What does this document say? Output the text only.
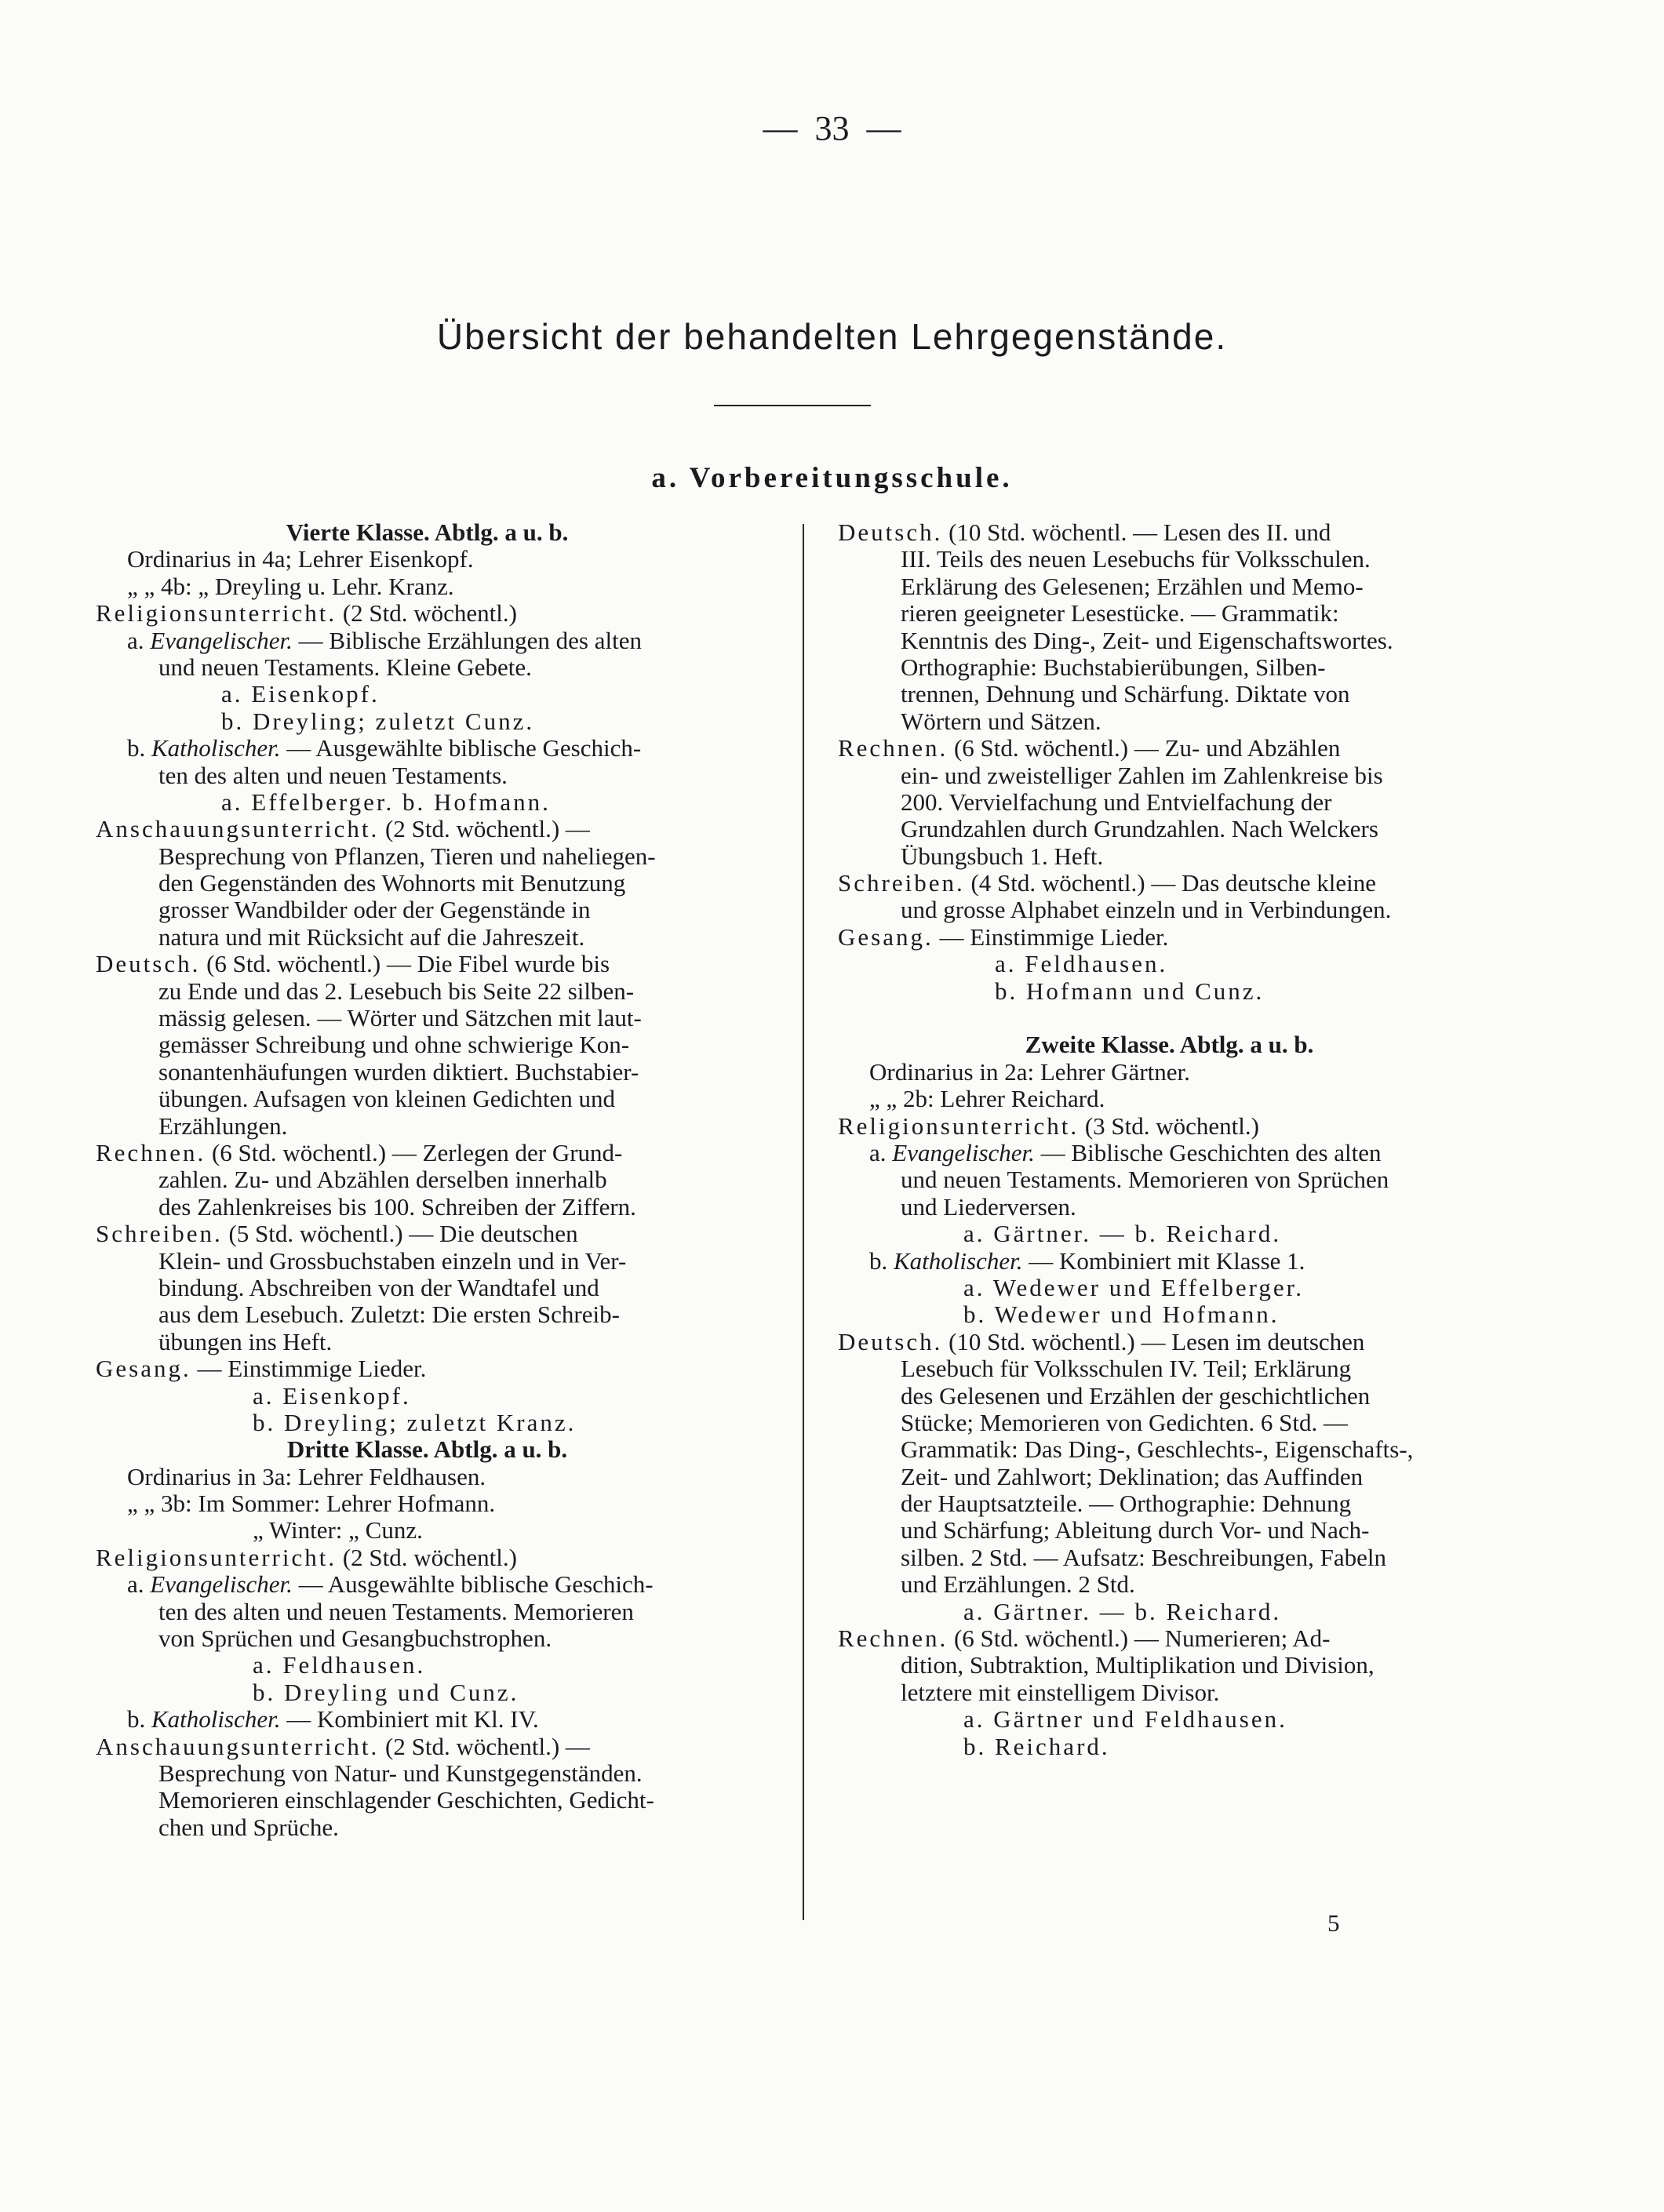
— 33 —
Übersicht der behandelten Lehrgegenstände.
a. Vorbereitungsschule.
Vierte Klasse. Abtlg. a u. b.
Ordinarius in 4a; Lehrer Eisenkopf.
„ „ 4b: „ Dreyling u. Lehr. Kranz.
Religionsunterricht. (2 Std. wöchentl.)
a. Evangelischer. — Biblische Erzählungen des alten
und neuen Testaments. Kleine Gebete.
a. Eisenkopf.
b. Dreyling; zuletzt Cunz.
b. Katholischer. — Ausgewählte biblische Geschich-
ten des alten und neuen Testaments.
a. Effelberger. b. Hofmann.
Anschauungsunterricht. (2 Std. wöchentl.) —
Besprechung von Pflanzen, Tieren und naheliegen-
den Gegenständen des Wohnorts mit Benutzung
grosser Wandbilder oder der Gegenstände in
natura und mit Rücksicht auf die Jahreszeit.
Deutsch. (6 Std. wöchentl.) — Die Fibel wurde bis
zu Ende und das 2. Lesebuch bis Seite 22 silben-
mässig gelesen. — Wörter und Sätzchen mit laut-
gemässer Schreibung und ohne schwierige Kon-
sonantenhäufungen wurden diktiert. Buchstabier-
übungen. Aufsagen von kleinen Gedichten und
Erzählungen.
Rechnen. (6 Std. wöchentl.) — Zerlegen der Grund-
zahlen. Zu- und Abzählen derselben innerhalb
des Zahlenkreises bis 100. Schreiben der Ziffern.
Schreiben. (5 Std. wöchentl.) — Die deutschen
Klein- und Grossbuchstaben einzeln und in Ver-
bindung. Abschreiben von der Wandtafel und
aus dem Lesebuch. Zuletzt: Die ersten Schreib-
übungen ins Heft.
Gesang. — Einstimmige Lieder.
a. Eisenkopf.
b. Dreyling; zuletzt Kranz.
Dritte Klasse. Abtlg. a u. b.
Ordinarius in 3a: Lehrer Feldhausen.
„ „ 3b: Im Sommer: Lehrer Hofmann.
„ Winter: „ Cunz.
Religionsunterricht. (2 Std. wöchentl.)
a. Evangelischer. — Ausgewählte biblische Geschich-
ten des alten und neuen Testaments. Memorieren
von Sprüchen und Gesangbuchstrophen.
a. Feldhausen.
b. Dreyling und Cunz.
b. Katholischer. — Kombiniert mit Kl. IV.
Anschauungsunterricht. (2 Std. wöchentl.) —
Besprechung von Natur- und Kunstgegenständen.
Memorieren einschlagender Geschichten, Gedicht-
chen und Sprüche.
Deutsch. (10 Std. wöchentl. — Lesen des II. und
III. Teils des neuen Lesebuchs für Volksschulen.
Erklärung des Gelesenen; Erzählen und Memo-
rieren geeigneter Lesestücke. — Grammatik:
Kenntnis des Ding-, Zeit- und Eigenschaftswortes.
Orthographie: Buchstabierübungen, Silben-
trennen, Dehnung und Schärfung. Diktate von
Wörtern und Sätzen.
Rechnen. (6 Std. wöchentl.) — Zu- und Abzählen
ein- und zweistelliger Zahlen im Zahlenkreise bis
200. Vervielfachung und Entvielfachung der
Grundzahlen durch Grundzahlen. Nach Welckers
Übungsbuch 1. Heft.
Schreiben. (4 Std. wöchentl.) — Das deutsche kleine
und grosse Alphabet einzeln und in Verbindungen.
Gesang. — Einstimmige Lieder.
a. Feldhausen.
b. Hofmann und Cunz.
Zweite Klasse. Abtlg. a u. b.
Ordinarius in 2a: Lehrer Gärtner.
„ „ 2b: Lehrer Reichard.
Religionsunterricht. (3 Std. wöchentl.)
a. Evangelischer. — Biblische Geschichten des alten
und neuen Testaments. Memorieren von Sprüchen
und Liederversen.
a. Gärtner. — b. Reichard.
b. Katholischer. — Kombiniert mit Klasse 1.
a. Wedewer und Effelberger.
b. Wedewer und Hofmann.
Deutsch. (10 Std. wöchentl.) — Lesen im deutschen
Lesebuch für Volksschulen IV. Teil; Erklärung
des Gelesenen und Erzählen der geschichtlichen
Stücke; Memorieren von Gedichten. 6 Std. —
Grammatik: Das Ding-, Geschlechts-, Eigenschafts-,
Zeit- und Zahlwort; Deklination; das Auffinden
der Hauptsatzteile. — Orthographie: Dehnung
und Schärfung; Ableitung durch Vor- und Nach-
silben. 2 Std. — Aufsatz: Beschreibungen, Fabeln
und Erzählungen. 2 Std.
a. Gärtner. — b. Reichard.
Rechnen. (6 Std. wöchentl.) — Numerieren; Ad-
dition, Subtraktion, Multiplikation und Division,
letztere mit einstelligem Divisor.
a. Gärtner und Feldhausen.
b. Reichard.
5
